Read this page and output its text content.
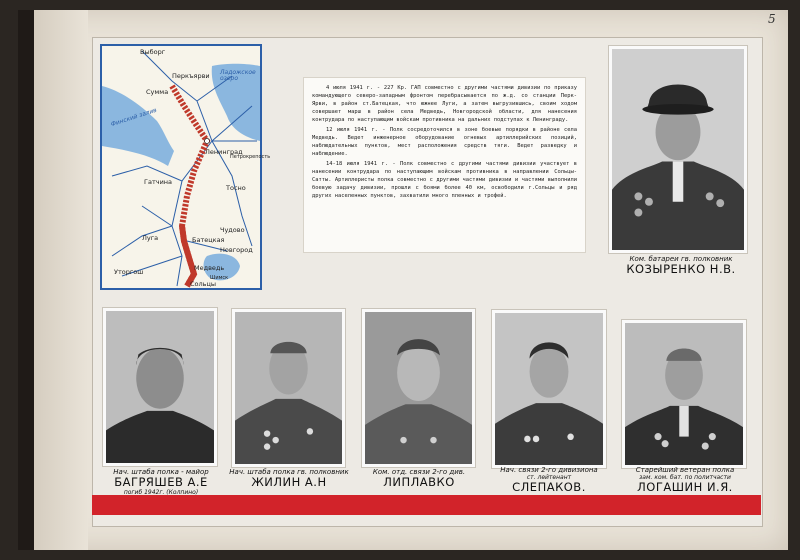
5
Выборг
Перкъярви
Сумма
Ладожское озеро
Финский залив
Ленинград
Петрокрепость
Гатчина
Тосно
Чудово
Луга	Батецкая
Новгород
Уторгош	Медведь
Шимск
Сольцы

4 июля 1941 г. - 227 Кр. ГАП совместно с другими частями дивизии по приказу командующего северо-западным фронтом перебрасывается по ж.д. со станции Перк-Ярви, в район ст.Батецкая, что южнее Луги, а затем выгрузившись, своим ходом совершает марш в район села Медведь, Новгородской области, для нанесения контрудара по наступающим войскам противника на дальних подступах к Ленинграду.

12 июля 1941 г. - Полк сосредоточился в зоне боевые порядки в районе села Медведь. Ведет инженерное оборудование огневых артиллерийских позиций, наблюдательных пунктов, мест расположения средств тяги. Ведет разведку и наблюдение.

14-18 июля 1941 г. - Полк совместно с другими частями дивизии участвует в нанесении контрудара по наступающим войскам противника в направлении Сольцы-Сатты. Артиллеристы полка совместно с другими частями дивизии и частями выполнили боевую задачу дивизии, прошли с боями более 40 км, освободили г.Сольцы и ряд других населенных пунктов, захватили много пленных и трофей.

Ком. батареи гв. полковник
КОЗЫРЕНКО Н.В.
Нач. штаба полка - майор
БАГРЯШЕВ А.Е
погиб 1942г. (Колпино)
Нач. штаба полка гв. полковник
ЖИЛИН А.Н
Ком. отд. связи 2-го див.
ЛИПЛАВКО
Нач. связи 2-го дивизиона
ст. лейтенант
СЛЕПАКОВ.
Старейший ветеран полка
зам. ком. бат. по политчасти
ЛОГАШИН И.Я.
